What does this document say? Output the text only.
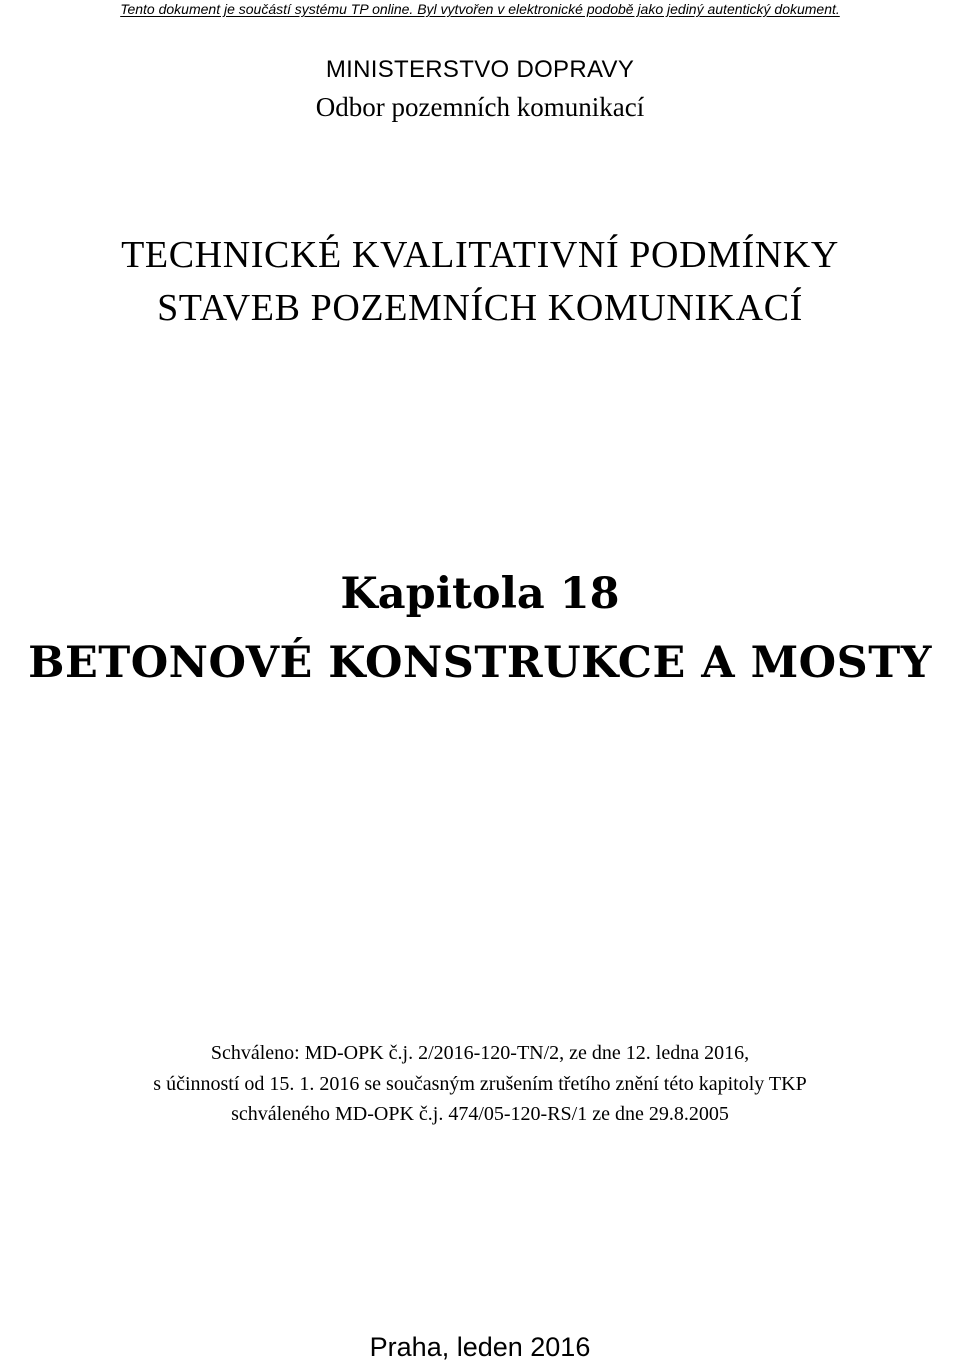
Tento dokument je součástí systému TP online. Byl vytvořen v elektronické podobě jako jediný autentický dokument.
MINISTERSTVO DOPRAVY
Odbor pozemních komunikací
TECHNICKÉ KVALITATIVNÍ PODMÍNKY
STAVEB POZEMNÍCH KOMUNIKACÍ
Kapitola 18
BETONOVÉ KONSTRUKCE A MOSTY
Schváleno: MD-OPK č.j. 2/2016-120-TN/2, ze dne 12. ledna 2016,
s účinností od 15. 1. 2016 se současným zrušením třetího znění této kapitoly TKP
schváleného MD-OPK č.j. 474/05-120-RS/1 ze dne 29.8.2005
Praha, leden 2016
